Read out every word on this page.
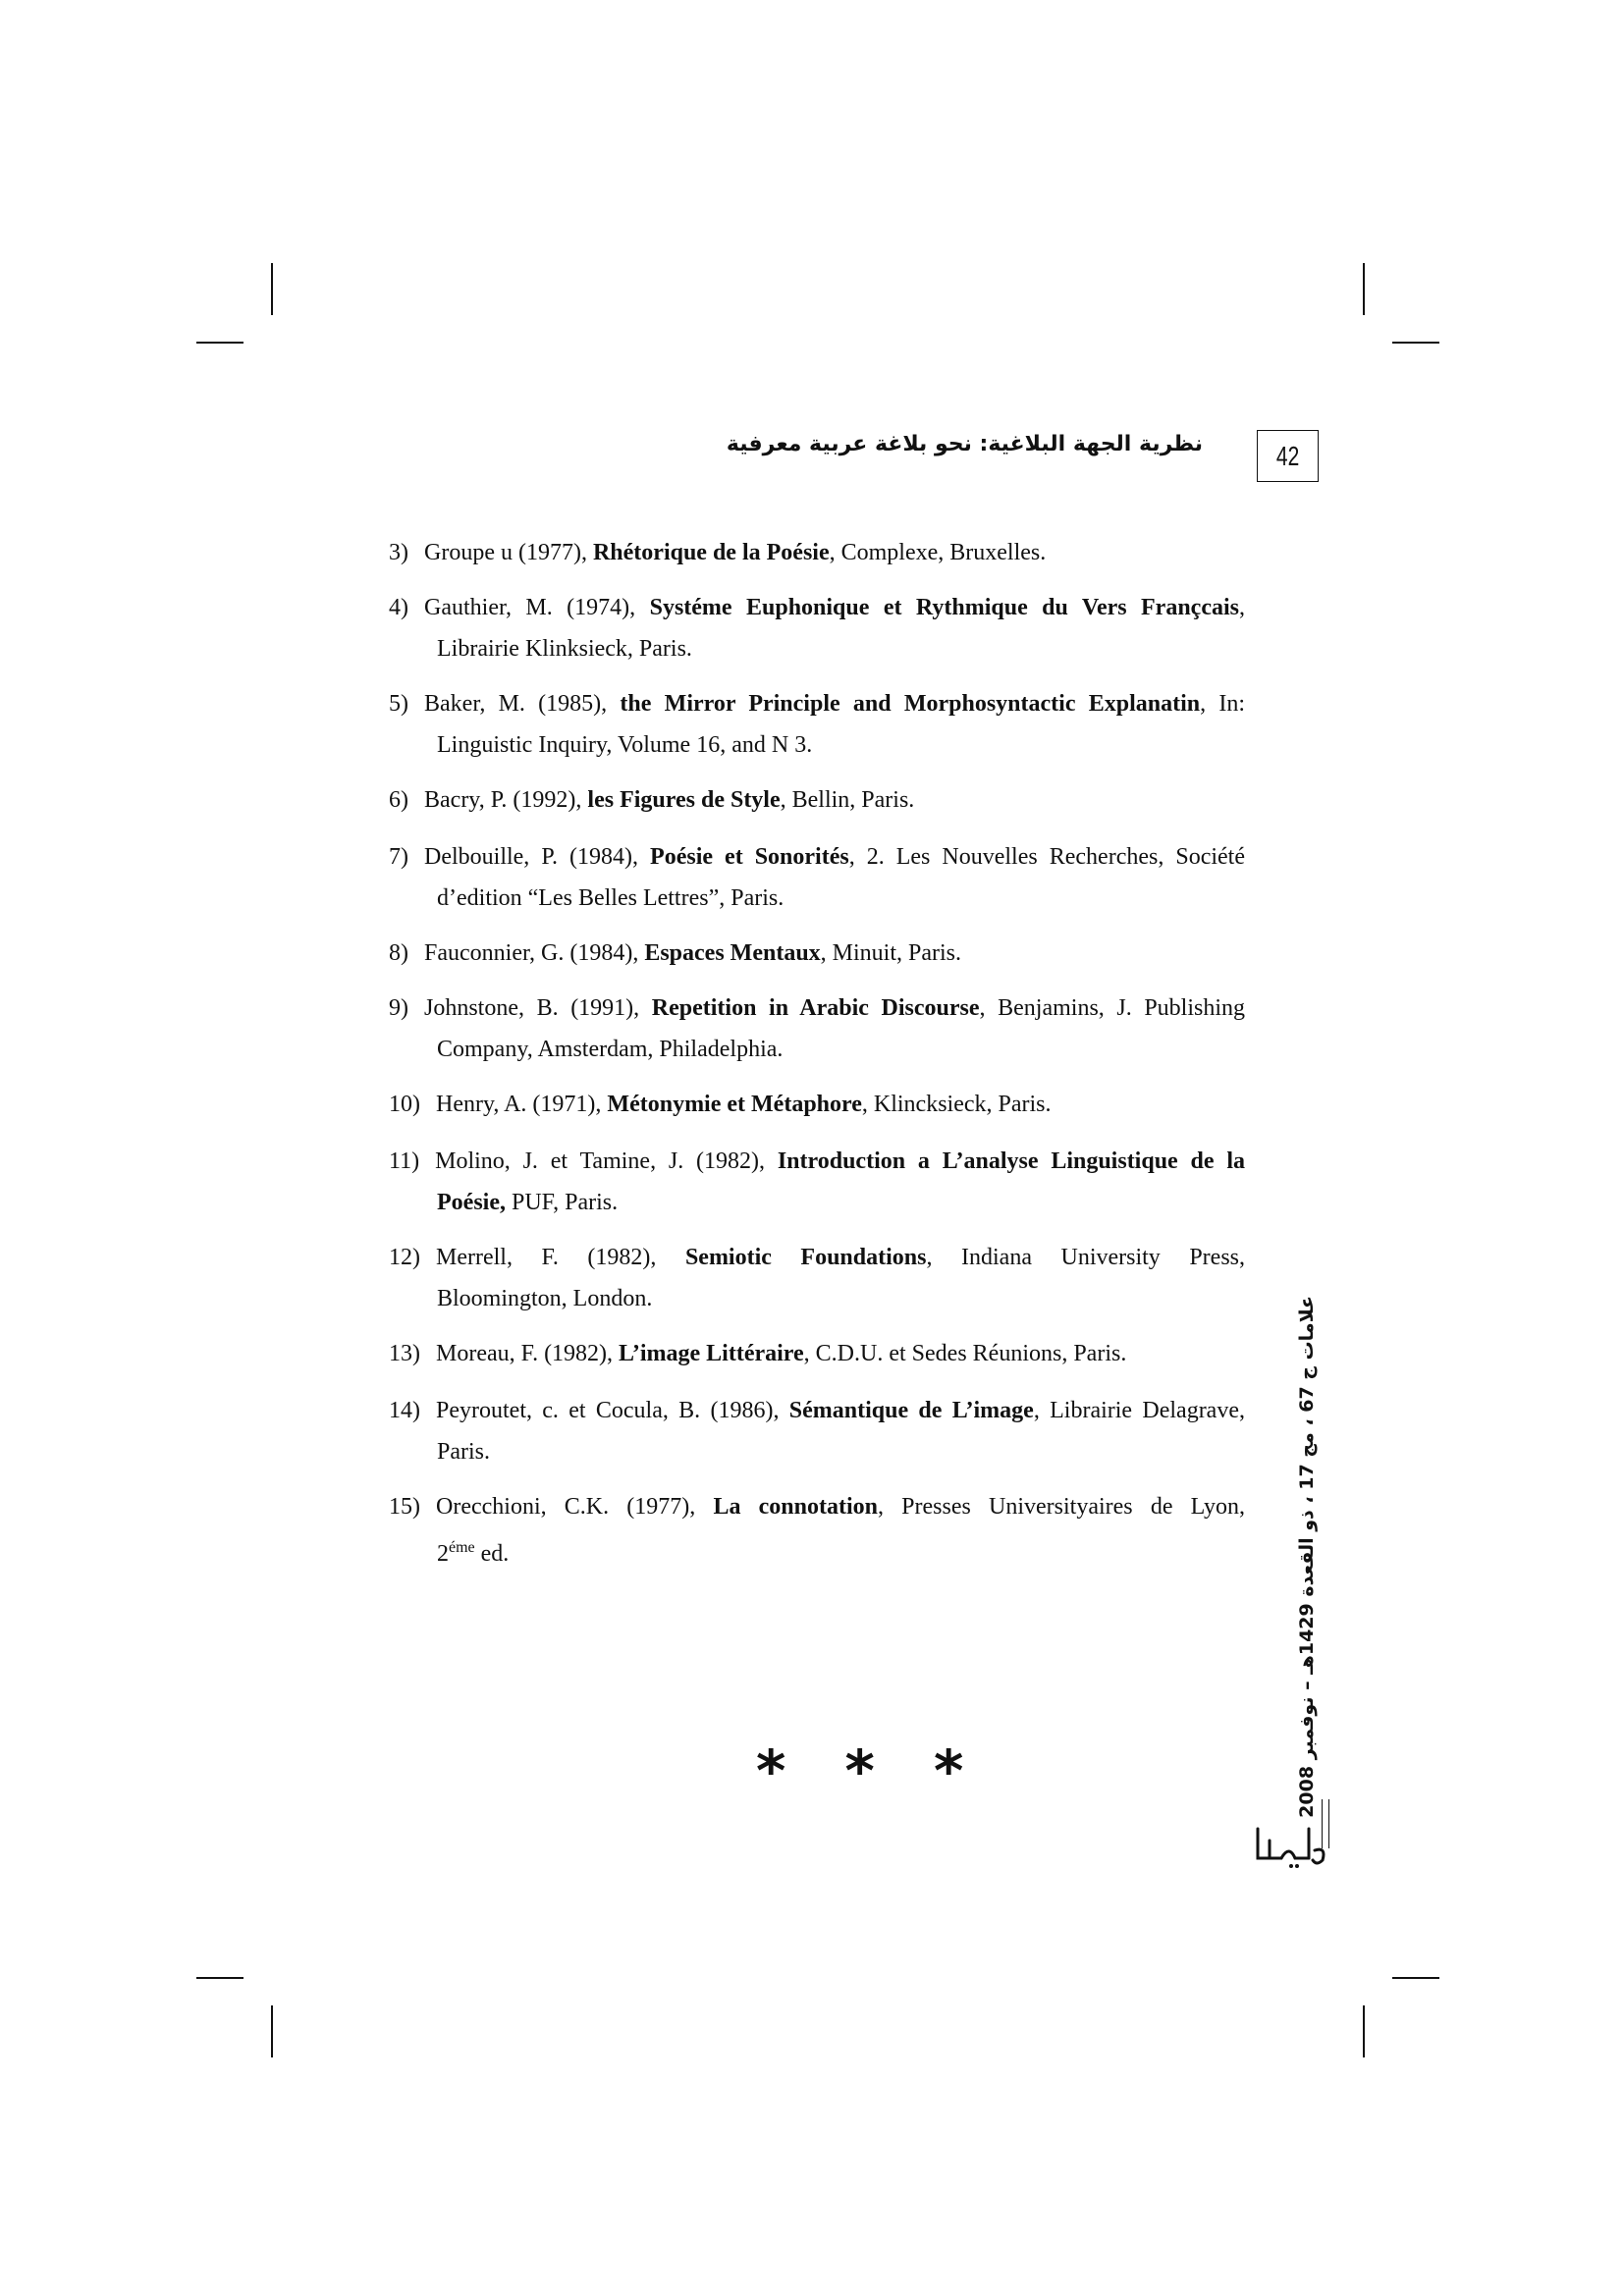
نظرية الجهة البلاغية: نحو بلاغة عربية معرفية	42
3) Groupe u (1977), Rhétorique de la Poésie , Complexe, Bruxelles.
4) Gauthier, M. (1974), Systéme Euphonique et Rythmique du Vers Françcais,
Librairie Klinksieck, Paris.
5) Baker, M. (1985), the Mirror Principle and Morphosyntactic Explanatin, In:
Linguistic Inquiry, Volume 16, and N 3.
6) Bacry, P. (1992), les Figures de Style , Bellin, Paris.
7) Delbouille, P. (1984), Poésie et Sonorités, 2. Les Nouvelles Recherches, Société
d’edition “Les Belles Lettres”, Paris.
8) Fauconnier, G. (1984), Espaces Mentaux , Minuit, Paris.
9) Johnstone, B. (1991), Repetition in Arabic Discourse, Benjamins, J. Publishing
Company, Amsterdam, Philadelphia.
10) Henry, A. (1971), Métonymie et Métaphore , Klincksieck, Paris.
11) Molino, J. et Tamine, J. (1982), Introduction a L’analyse Linguistique de la
Poésie, PUF, Paris.
12) Merrell, F. (1982), Semiotic Foundations, Indiana University Press,
Bloomington, London.
13) Moreau, F. (1982), L’image Littéraire , C.D.U. et Sedes Réunions, Paris.
14) Peyroutet, c. et Cocula, B. (1986), Sémantique de L’image, Librairie Delagrave,
Paris.
15) Orecchioni, C.K. (1977), La connotation, Presses Universityaires de Lyon,
$2^{éme}$ ed.
* * *	علامات ج 67 ، مج 17 ، ذو القعدة 1429هـ – نوفمبر 2008
